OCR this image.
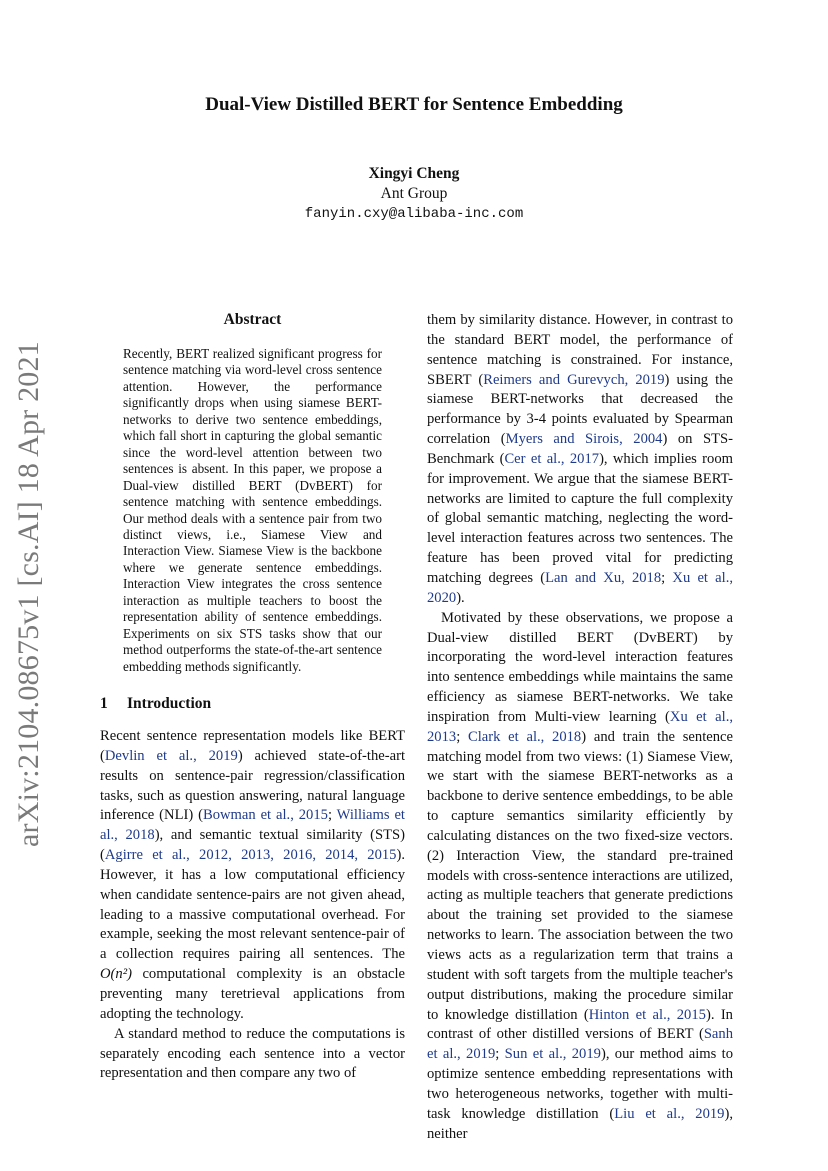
Dual-View Distilled BERT for Sentence Embedding
Xingyi Cheng
Ant Group
fanyin.cxy@alibaba-inc.com
arXiv:2104.08675v1 [cs.AI] 18 Apr 2021
Abstract
Recently, BERT realized significant progress for sentence matching via word-level cross sentence attention. However, the performance significantly drops when using siamese BERT-networks to derive two sentence embeddings, which fall short in capturing the global semantic since the word-level attention between two sentences is absent. In this paper, we propose a Dual-view distilled BERT (DvBERT) for sentence matching with sentence embeddings. Our method deals with a sentence pair from two distinct views, i.e., Siamese View and Interaction View. Siamese View is the backbone where we generate sentence embeddings. Interaction View integrates the cross sentence interaction as multiple teachers to boost the representation ability of sentence embeddings. Experiments on six STS tasks show that our method outperforms the state-of-the-art sentence embedding methods significantly.
1 Introduction

Recent sentence representation models like BERT (Devlin et al., 2019) achieved state-of-the-art results on sentence-pair regression/classification tasks, such as question answering, natural language inference (NLI) (Bowman et al., 2015; Williams et al., 2018), and semantic textual similarity (STS) (Agirre et al., 2012, 2013, 2016, 2014, 2015). However, it has a low computational efficiency when candidate sentence-pairs are not given ahead, leading to a massive computational overhead. For example, seeking the most relevant sentence-pair of a collection requires pairing all sentences. The O(n²) computational complexity is an obstacle preventing many teretrieval applications from adopting the technology.

A standard method to reduce the computations is separately encoding each sentence into a vector representation and then compare any two of

them by similarity distance. However, in contrast to the standard BERT model, the performance of sentence matching is constrained. For instance, SBERT (Reimers and Gurevych, 2019) using the siamese BERT-networks that decreased the performance by 3-4 points evaluated by Spearman correlation (Myers and Sirois, 2004) on STS-Benchmark (Cer et al., 2017), which implies room for improvement. We argue that the siamese BERT-networks are limited to capture the full complexity of global semantic matching, neglecting the word-level interaction features across two sentences. The feature has been proved vital for predicting matching degrees (Lan and Xu, 2018; Xu et al., 2020).

Motivated by these observations, we propose a Dual-view distilled BERT (DvBERT) by incorporating the word-level interaction features into sentence embeddings while maintains the same efficiency as siamese BERT-networks. We take inspiration from Multi-view learning (Xu et al., 2013; Clark et al., 2018) and train the sentence matching model from two views: (1) Siamese View, we start with the siamese BERT-networks as a backbone to derive sentence embeddings, to be able to capture semantics similarity efficiently by calculating distances on the two fixed-size vectors. (2) Interaction View, the standard pre-trained models with cross-sentence interactions are utilized, acting as multiple teachers that generate predictions about the training set provided to the siamese networks to learn. The association between the two views acts as a regularization term that trains a student with soft targets from the multiple teacher's output distributions, making the procedure similar to knowledge distillation (Hinton et al., 2015). In contrast of other distilled versions of BERT (Sanh et al., 2019; Sun et al., 2019), our method aims to optimize sentence embedding representations with two heterogeneous networks, together with multi-task knowledge distillation (Liu et al., 2019), neither
